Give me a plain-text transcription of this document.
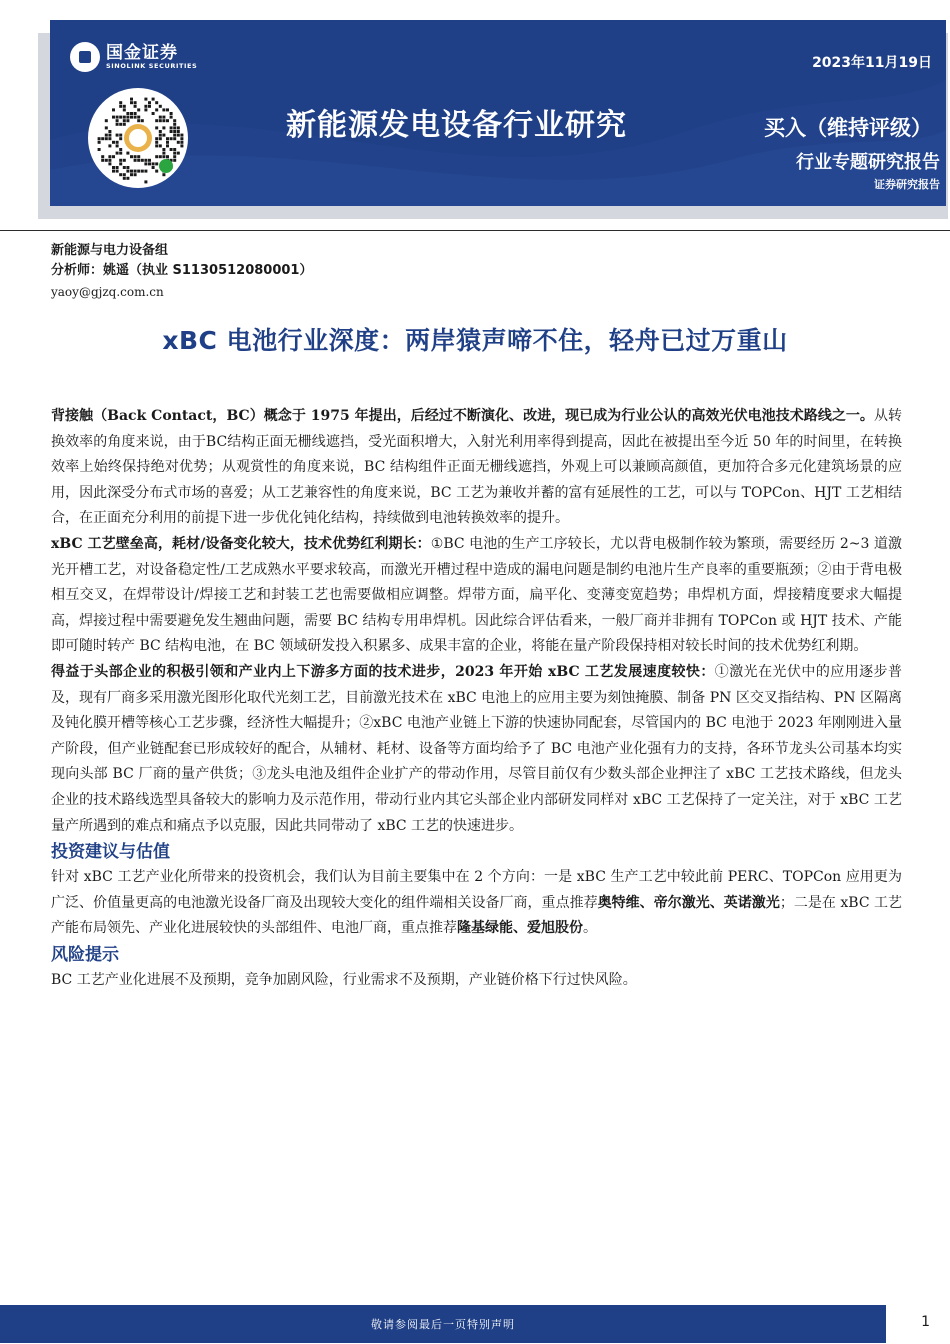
国金证券
SINOLINK SECURITIES
新能源发电设备行业研究
2023年11月19日
买入（维持评级）
行业专题研究报告
证券研究报告
新能源与电力设备组
分析师：姚遥（执业 S1130512080001）
yaoy@gjzq.com.cn
xBC 电池行业深度：两岸猿声啼不住，轻舟已过万重山

背接触（Back Contact，BC）概念于 1975 年提出，后经过不断演化、改进，现已成为行业公认的高效光伏电池技术路线之一。从转换效率的角度来说，由于BC结构正面无栅线遮挡，受光面积增大，入射光利用率得到提高，因此在被提出至今近 50 年的时间里，在转换效率上始终保持绝对优势；从观赏性的角度来说，BC 结构组件正面无栅线遮挡，外观上可以兼顾高颜值，更加符合多元化建筑场景的应用，因此深受分布式市场的喜爱；从工艺兼容性的角度来说，BC 工艺为兼收并蓄的富有延展性的工艺，可以与 TOPCon、HJT 工艺相结合，在正面充分利用的前提下进一步优化钝化结构，持续做到电池转换效率的提升。

xBC 工艺壁垒高，耗材/设备变化较大，技术优势红利期长：①BC 电池的生产工序较长，尤以背电极制作较为繁琐，需要经历 2~3 道激光开槽工艺，对设备稳定性/工艺成熟水平要求较高，而激光开槽过程中造成的漏电问题是制约电池片生产良率的重要瓶颈；②由于背电极相互交叉，在焊带设计/焊接工艺和封装工艺也需要做相应调整。焊带方面，扁平化、变薄变宽趋势；串焊机方面，焊接精度要求大幅提高，焊接过程中需要避免发生翘曲问题，需要 BC 结构专用串焊机。因此综合评估看来，一般厂商并非拥有 TOPCon 或 HJT 技术、产能即可随时转产 BC 结构电池，在 BC 领域研发投入积累多、成果丰富的企业，将能在量产阶段保持相对较长时间的技术优势红利期。

得益于头部企业的积极引领和产业内上下游多方面的技术进步，2023 年开始 xBC 工艺发展速度较快：①激光在光伏中的应用逐步普及，现有厂商多采用激光图形化取代光刻工艺，目前激光技术在 xBC 电池上的应用主要为刻蚀掩膜、制备 PN 区交叉指结构、PN 区隔离及钝化膜开槽等核心工艺步骤，经济性大幅提升；②xBC 电池产业链上下游的快速协同配套，尽管国内的 BC 电池于 2023 年刚刚进入量产阶段，但产业链配套已形成较好的配合，从辅材、耗材、设备等方面均给予了 BC 电池产业化强有力的支持，各环节龙头公司基本均实现向头部 BC 厂商的量产供货；③龙头电池及组件企业扩产的带动作用，尽管目前仅有少数头部企业押注了 xBC 工艺技术路线，但龙头企业的技术路线选型具备较大的影响力及示范作用，带动行业内其它头部企业内部研发同样对 xBC 工艺保持了一定关注，对于 xBC 工艺量产所遇到的难点和痛点予以克服，因此共同带动了 xBC 工艺的快速进步。

投资建议与估值

针对 xBC 工艺产业化所带来的投资机会，我们认为目前主要集中在 2 个方向：一是 xBC 生产工艺中较此前 PERC、TOPCon 应用更为广泛、价值量更高的电池激光设备厂商及出现较大变化的组件端相关设备厂商，重点推荐奥特维、帝尔激光、英诺激光；二是在 xBC 工艺产能布局领先、产业化进展较快的头部组件、电池厂商，重点推荐隆基绿能、爱旭股份。

风险提示

BC 工艺产业化进展不及预期，竞争加剧风险，行业需求不及预期，产业链价格下行过快风险。

敬请参阅最后一页特别声明	1
